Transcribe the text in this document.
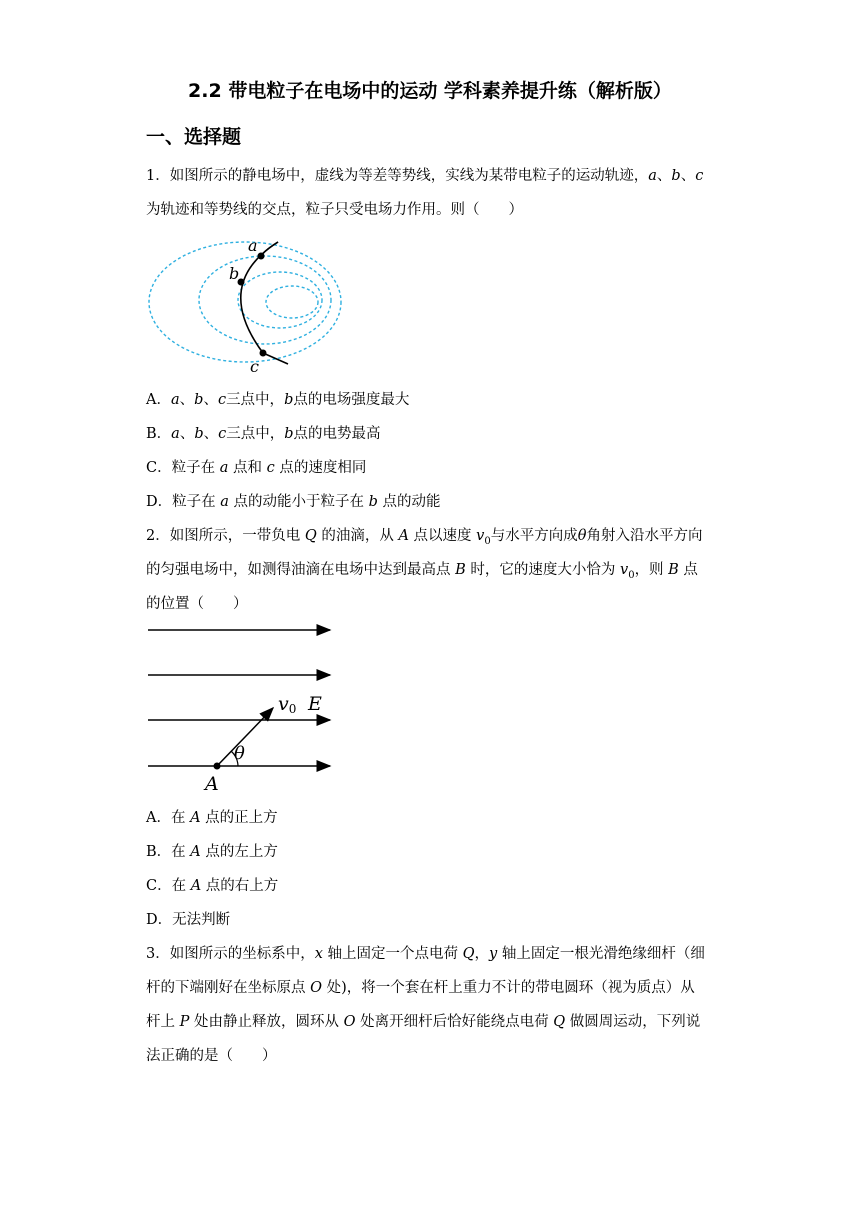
2.2 带电粒子在电场中的运动 学科素养提升练（解析版）
一、选择题
1．如图所示的静电场中，虚线为等差等势线，实线为某带电粒子的运动轨迹，a、b、c
为轨迹和等势线的交点，粒子只受电场力作用。则（　　）
a
b
c
A．a、b、c三点中，b点的电场强度最大
B．a、b、c三点中，b点的电势最高
C．粒子在 a 点和 c 点的速度相同
D．粒子在 a 点的动能小于粒子在 b 点的动能
2．如图所示，一带负电 Q 的油滴，从 A 点以速度 $v_0$与水平方向成θ角射入沿水平方向
的匀强电场中，如测得油滴在电场中达到最高点 B 时，它的速度大小恰为 $v_0$，则 B 点
的位置（　　）
v0 E
θ
A
A．在 A 点的正上方
B．在 A 点的左上方
C．在 A 点的右上方
D．无法判断
3．如图所示的坐标系中，x 轴上固定一个点电荷 Q，y 轴上固定一根光滑绝缘细杆（细
杆的下端刚好在坐标原点 O 处)，将一个套在杆上重力不计的带电圆环（视为质点）从
杆上 P 处由静止释放，圆环从 O 处离开细杆后恰好能绕点电荷 Q 做圆周运动，下列说
法正确的是（　　）
